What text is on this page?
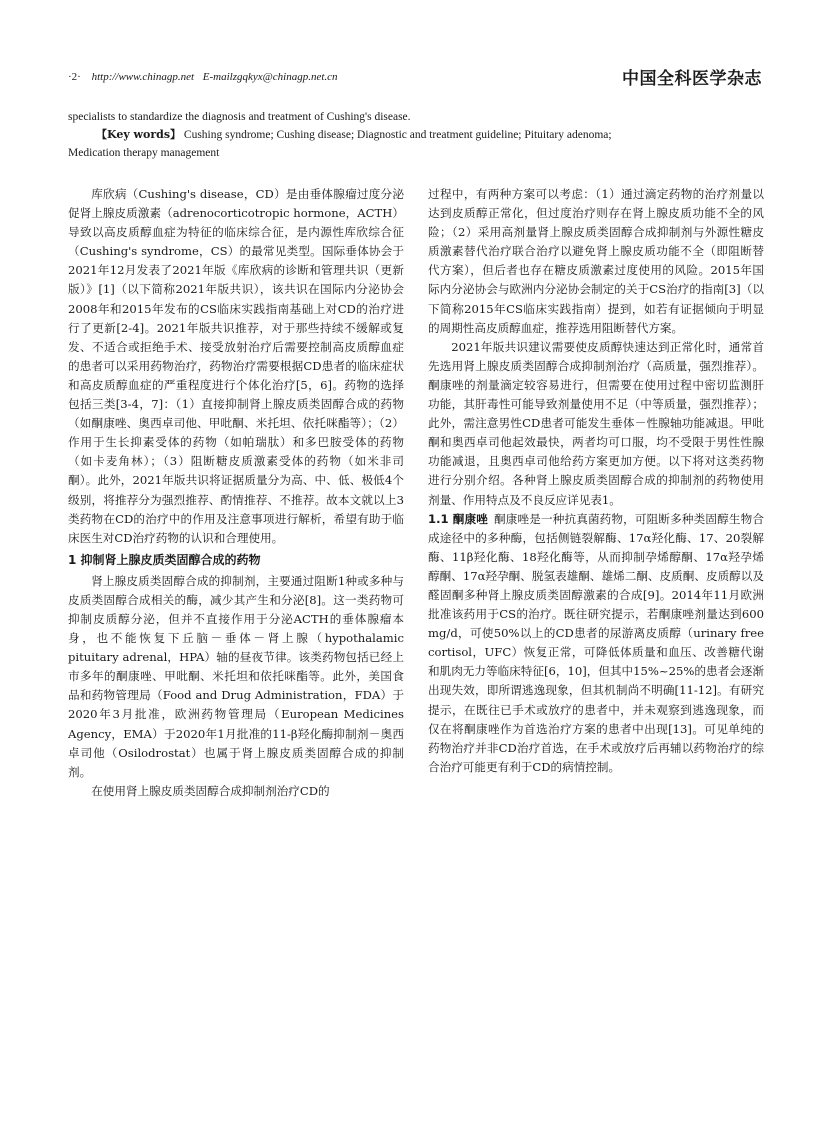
·2· http://www.chinagp.net E-mailzgqkyx@chinagp.net.cn	中国全科医学杂志

specialists to standardize the diagnosis and treatment of Cushing's disease.

【Key words】 Cushing syndrome; Cushing disease; Diagnostic and treatment guideline; Pituitary adenoma;

Medication therapy management

库欣病（Cushing's disease，CD）是由垂体腺瘤过度分泌促肾上腺皮质激素（adrenocorticotropic hormone，ACTH）导致以高皮质醇血症为特征的临床综合征，是内源性库欣综合征（Cushing's syndrome，CS）的最常见类型。国际垂体协会于2021年12月发表了2021年版《库欣病的诊断和管理共识（更新版）》[1]（以下简称2021年版共识），该共识在国际内分泌协会2008年和2015年发布的CS临床实践指南基础上对CD的治疗进行了更新[2-4]。2021年版共识推荐，对于那些持续不缓解或复发、不适合或拒绝手术、接受放射治疗后需要控制高皮质醇血症的患者可以采用药物治疗，药物治疗需要根据CD患者的临床症状和高皮质醇血症的严重程度进行个体化治疗[5，6]。药物的选择包括三类[3-4，7]：（1）直接抑制肾上腺皮质类固醇合成的药物（如酮康唑、奥西卓司他、甲吡酮、米托坦、依托咪酯等）；（2）作用于生长抑素受体的药物（如帕瑞肽）和多巴胺受体的药物（如卡麦角林）；（3）阻断糖皮质激素受体的药物（如米非司酮）。此外，2021年版共识将证据质量分为高、中、低、极低4个级别，将推荐分为强烈推荐、酌情推荐、不推荐。故本文就以上3类药物在CD的治疗中的作用及注意事项进行解析，希望有助于临床医生对CD治疗药物的认识和合理使用。

1 抑制肾上腺皮质类固醇合成的药物

肾上腺皮质类固醇合成的抑制剂，主要通过阻断1种或多种与皮质类固醇合成相关的酶，减少其产生和分泌[8]。这一类药物可抑制皮质醇分泌，但并不直接作用于分泌ACTH的垂体腺瘤本身，也不能恢复下丘脑－垂体－肾上腺（hypothalamic pituitary adrenal，HPA）轴的昼夜节律。该类药物包括已经上市多年的酮康唑、甲吡酮、米托坦和依托咪酯等。此外，美国食品和药物管理局（Food and Drug Administration，FDA）于2020年3月批准，欧洲药物管理局（European Medicines Agency，EMA）于2020年1月批准的11-β羟化酶抑制剂－奥西卓司他（Osilodrostat）也属于肾上腺皮质类固醇合成的抑制剂。

在使用肾上腺皮质类固醇合成抑制剂治疗CD的

过程中，有两种方案可以考虑：（1）通过滴定药物的治疗剂量以达到皮质醇正常化，但过度治疗则存在肾上腺皮质功能不全的风险；（2）采用高剂量肾上腺皮质类固醇合成抑制剂与外源性糖皮质激素替代治疗联合治疗以避免肾上腺皮质功能不全（即阻断替代方案），但后者也存在糖皮质激素过度使用的风险。2015年国际内分泌协会与欧洲内分泌协会制定的关于CS治疗的指南[3]（以下简称2015年CS临床实践指南）提到，如若有证据倾向于明显的周期性高皮质醇血症，推荐选用阻断替代方案。

2021年版共识建议需要使皮质醇快速达到正常化时，通常首先选用肾上腺皮质类固醇合成抑制剂治疗（高质量，强烈推荐）。酮康唑的剂量滴定较容易进行，但需要在使用过程中密切监测肝功能，其肝毒性可能导致剂量使用不足（中等质量，强烈推荐）；此外，需注意男性CD患者可能发生垂体－性腺轴功能减退。甲吡酮和奥西卓司他起效最快，两者均可口服，均不受限于男性性腺功能减退，且奥西卓司他给药方案更加方便。以下将对这类药物进行分别介绍。各种肾上腺皮质类固醇合成的抑制剂的药物使用剂量、作用特点及不良反应详见表1。

1.1 酮康唑 酮康唑是一种抗真菌药物，可阻断多种类固醇生物合成途径中的多种酶，包括侧链裂解酶、17α羟化酶、17、20裂解酶、11β羟化酶、18羟化酶等，从而抑制孕烯醇酮、17α羟孕烯醇酮、17α羟孕酮、脱氢表雄酮、雄烯二酮、皮质酮、皮质醇以及醛固酮多种肾上腺皮质类固醇激素的合成[9]。2014年11月欧洲批准该药用于CS的治疗。既往研究提示，若酮康唑剂量达到600 mg/d，可使50%以上的CD患者的尿游离皮质醇（urinary free cortisol，UFC）恢复正常，可降低体质量和血压、改善糖代谢和肌肉无力等临床特征[6，10]，但其中15%~25%的患者会逐渐出现失效，即所谓逃逸现象，但其机制尚不明确[11-12]。有研究提示，在既往已手术或放疗的患者中，并未观察到逃逸现象，而仅在将酮康唑作为首选治疗方案的患者中出现[13]。可见单纯的药物治疗并非CD治疗首选，在手术或放疗后再辅以药物治疗的综合治疗可能更有利于CD的病情控制。
